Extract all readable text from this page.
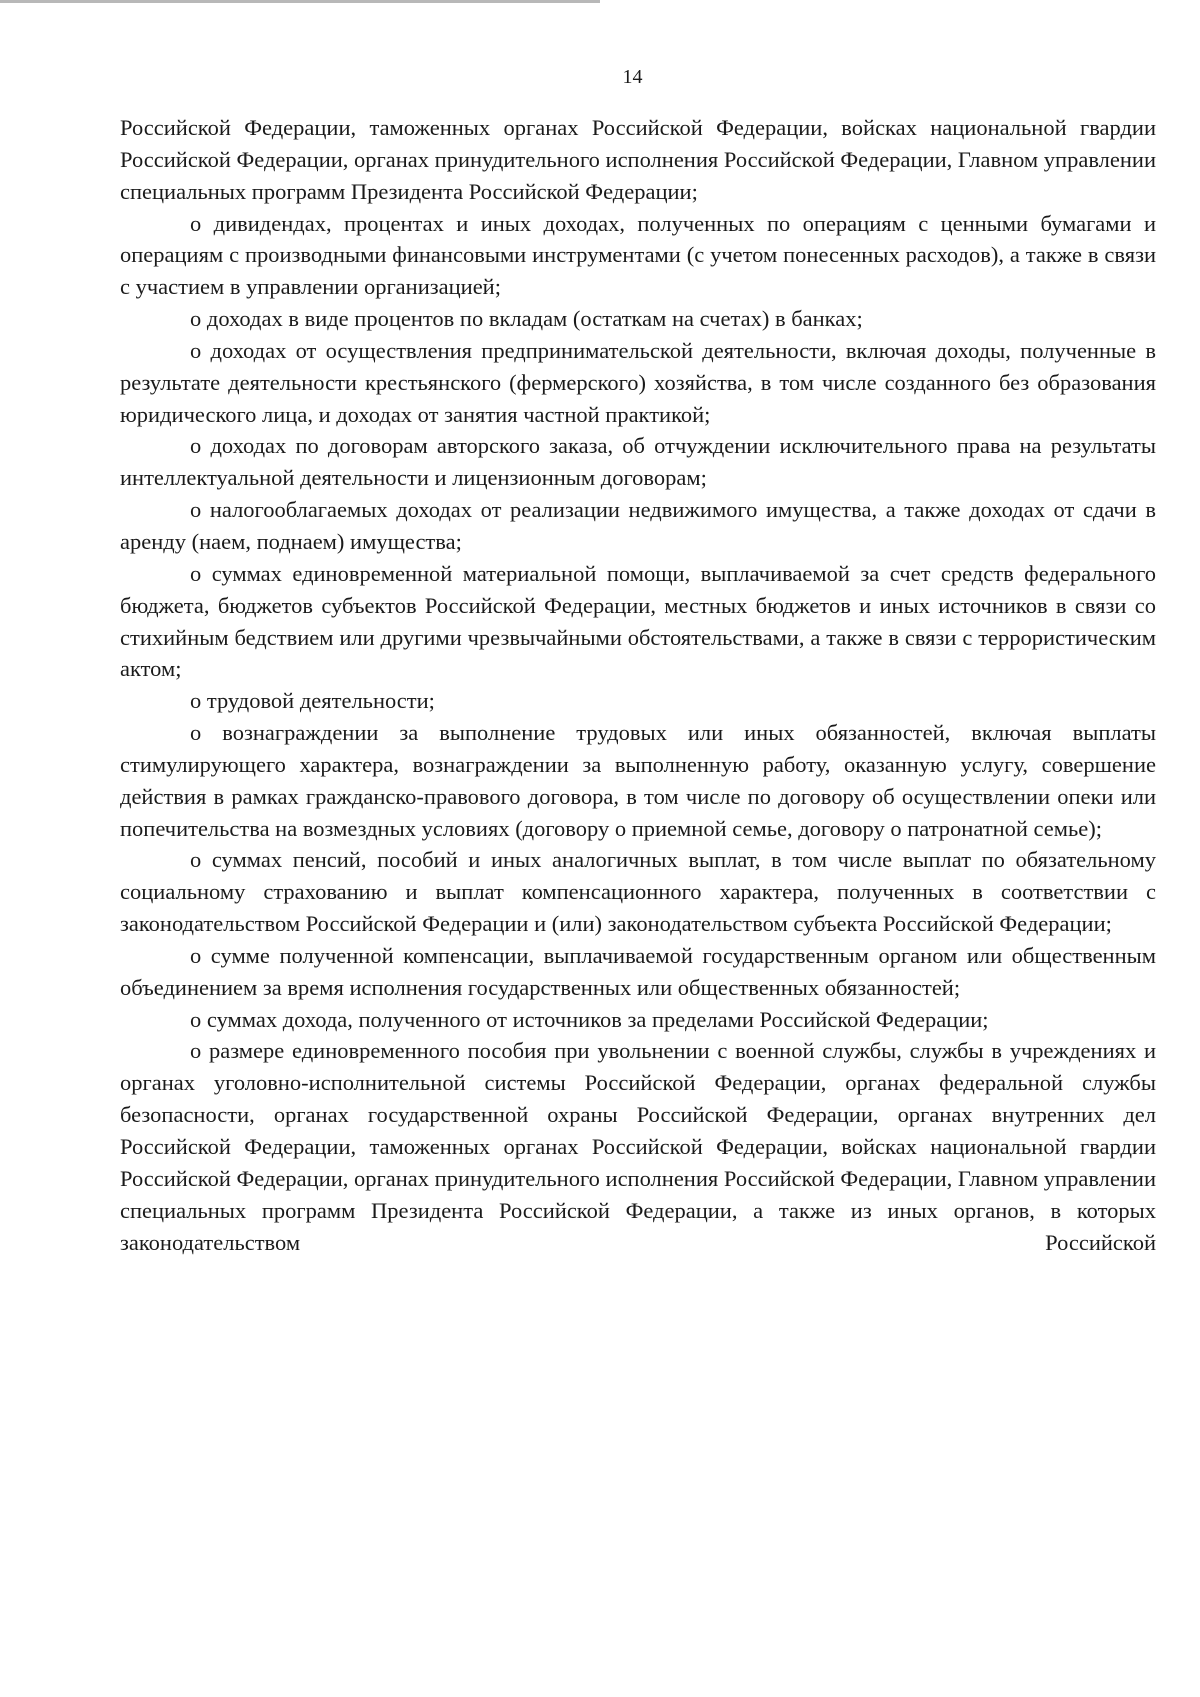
14

Российской Федерации, таможенных органах Российской Федерации, войсках национальной гвардии Российской Федерации, органах принудительного исполнения Российской Федерации, Главном управлении специальных программ Президента Российской Федерации;

о дивидендах, процентах и иных доходах, полученных по операциям с ценными бумагами и операциям с производными финансовыми инструментами (с учетом понесенных расходов), а также в связи с участием в управлении организацией;

о доходах в виде процентов по вкладам (остаткам на счетах) в банках;

о доходах от осуществления предпринимательской деятельности, включая доходы, полученные в результате деятельности крестьянского (фермерского) хозяйства, в том числе созданного без образования юридического лица, и доходах от занятия частной практикой;

о доходах по договорам авторского заказа, об отчуждении исключительного права на результаты интеллектуальной деятельности и лицензионным договорам;

о налогооблагаемых доходах от реализации недвижимого имущества, а также доходах от сдачи в аренду (наем, поднаем) имущества;

о суммах единовременной материальной помощи, выплачиваемой за счет средств федерального бюджета, бюджетов субъектов Российской Федерации, местных бюджетов и иных источников в связи со стихийным бедствием или другими чрезвычайными обстоятельствами, а также в связи с террористическим актом;

о трудовой деятельности;

о вознаграждении за выполнение трудовых или иных обязанностей, включая выплаты стимулирующего характера, вознаграждении за выполненную работу, оказанную услугу, совершение действия в рамках гражданско-правового договора, в том числе по договору об осуществлении опеки или попечительства на возмездных условиях (договору о приемной семье, договору о патронатной семье);

о суммах пенсий, пособий и иных аналогичных выплат, в том числе выплат по обязательному социальному страхованию и выплат компенсационного характера, полученных в соответствии с законодательством Российской Федерации и (или) законодательством субъекта Российской Федерации;

о сумме полученной компенсации, выплачиваемой государственным органом или общественным объединением за время исполнения государственных или общественных обязанностей;

о суммах дохода, полученного от источников за пределами Российской Федерации;

о размере единовременного пособия при увольнении с военной службы, службы в учреждениях и органах уголовно-исполнительной системы Российской Федерации, органах федеральной службы безопасности, органах государственной охраны Российской Федерации, органах внутренних дел Российской Федерации, таможенных органах Российской Федерации, войсках национальной гвардии Российской Федерации, органах принудительного исполнения Российской Федерации, Главном управлении специальных программ Президента Российской Федерации, а также из иных органов, в которых законодательством Российской
